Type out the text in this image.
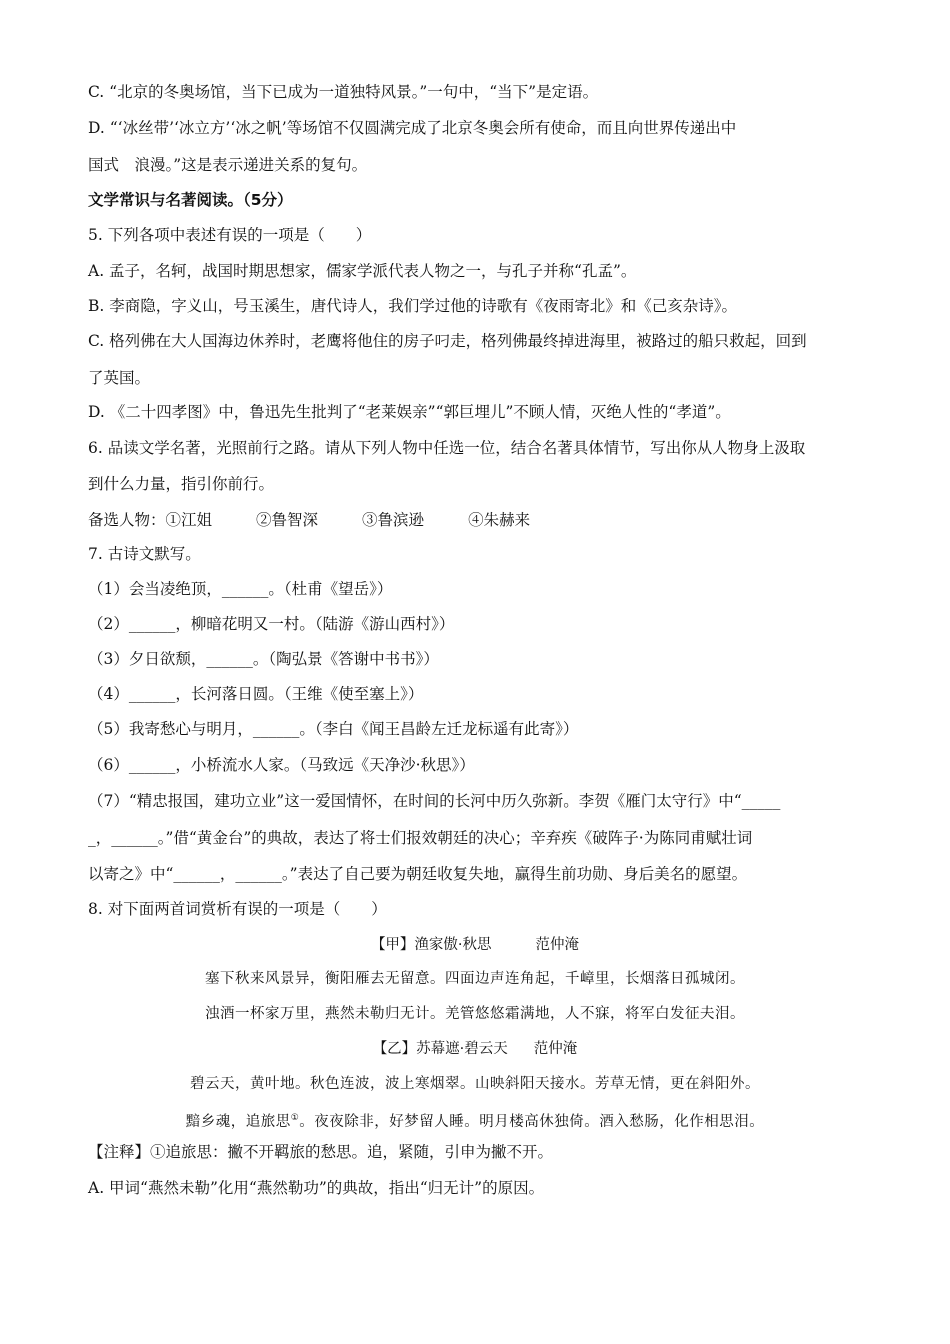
C. “北京的冬奥场馆，当下已成为一道独特风景。”一句中，“当下”是定语。
D. “‘冰丝带’‘冰立方’‘冰之帆’等场馆不仅圆满完成了北京冬奥会所有使命，而且向世界传递出中
国式　浪漫。”这是表示递进关系的复句。
文学常识与名著阅读。（5分）
5. 下列各项中表述有误的一项是（　　）
A. 孟子，名轲，战国时期思想家，儒家学派代表人物之一，与孔子并称“孔孟”。
B. 李商隐，字义山，号玉溪生，唐代诗人，我们学过他的诗歌有《夜雨寄北》和《己亥杂诗》。
C. 格列佛在大人国海边休养时，老鹰将他住的房子叼走，格列佛最终掉进海里，被路过的船只救起，回到
了英国。
D. 《二十四孝图》中，鲁迅先生批判了“老莱娱亲”“郭巨埋儿”不顾人情，灭绝人性的“孝道”。
6. 品读文学名著，光照前行之路。请从下列人物中任选一位，结合名著具体情节，写出你从人物身上汲取
到什么力量，指引你前行。
备选人物：①江姐	②鲁智深	③鲁滨逊	④朱赫来
7. 古诗文默写。
（1）会当凌绝顶，______。（杜甫《望岳》）
（2）______，柳暗花明又一村。（陆游《游山西村》）
（3）夕日欲颓，______。（陶弘景《答谢中书书》）
（4）______，长河落日圆。（王维《使至塞上》）
（5）我寄愁心与明月，______。（李白《闻王昌龄左迁龙标遥有此寄》）
（6）______，小桥流水人家。（马致远《天净沙·秋思》）
（7）“精忠报国，建功立业”这一爱国情怀，在时间的长河中历久弥新。李贺《雁门太守行》中“_____
_，______。”借“黄金台”的典故，表达了将士们报效朝廷的决心；辛弃疾《破阵子·为陈同甫赋壮词
以寄之》中“______，______。”表达了自己要为朝廷收复失地，赢得生前功勋、身后美名的愿望。
8. 对下面两首词赏析有误的一项是（　　）
【甲】渔家傲·秋思	范仲淹
塞下秋来风景异，衡阳雁去无留意。四面边声连角起，千嶂里，长烟落日孤城闭。
浊酒一杯家万里，燕然未勒归无计。羌管悠悠霜满地，人不寐，将军白发征夫泪。
【乙】苏幕遮·碧云天 范仲淹
碧云天，黄叶地。秋色连波，波上寒烟翠。山映斜阳天接水。芳草无情，更在斜阳外。
黯乡魂，追旅思①。夜夜除非，好梦留人睡。明月楼高休独倚。酒入愁肠，化作相思泪。
【注释】①追旅思：撇不开羁旅的愁思。追，紧随，引申为撇不开。
A. 甲词“燕然未勒”化用“燕然勒功”的典故，指出“归无计”的原因。
